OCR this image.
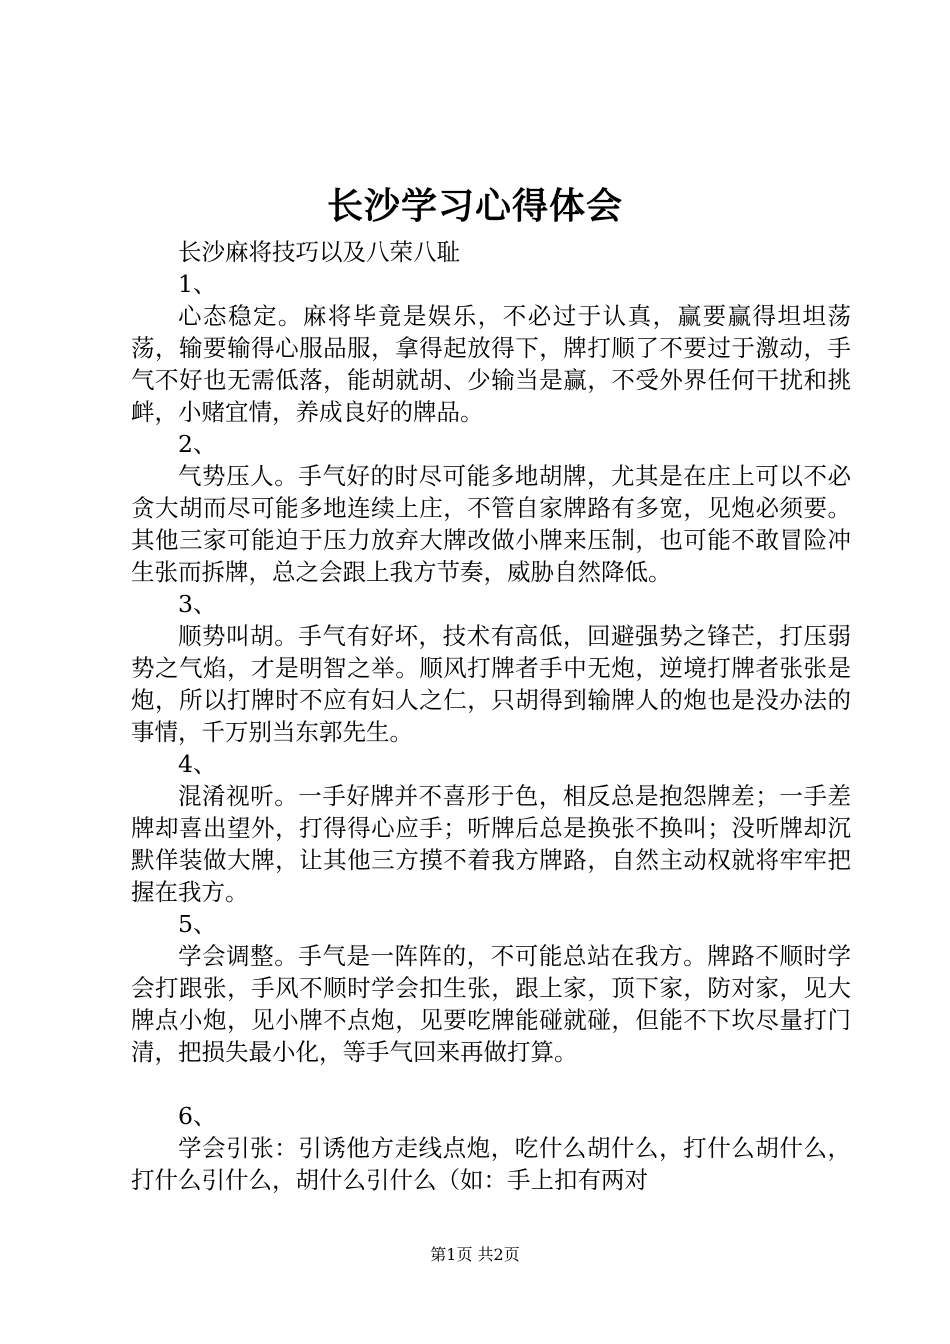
长沙学习心得体会

长沙麻将技巧以及八荣八耻

1、

心态稳定。麻将毕竟是娱乐，不必过于认真，赢要赢得坦坦荡荡，输要输得心服品服，拿得起放得下，牌打顺了不要过于激动，手气不好也无需低落，能胡就胡、少输当是赢，不受外界任何干扰和挑衅，小赌宜情，养成良好的牌品。

2、

气势压人。手气好的时尽可能多地胡牌，尤其是在庄上可以不必贪大胡而尽可能多地连续上庄，不管自家牌路有多宽，见炮必须要。其他三家可能迫于压力放弃大牌改做小牌来压制，也可能不敢冒险冲生张而拆牌，总之会跟上我方节奏，威胁自然降低。

3、

顺势叫胡。手气有好坏，技术有高低，回避强势之锋芒，打压弱势之气焰，才是明智之举。顺风打牌者手中无炮，逆境打牌者张张是炮，所以打牌时不应有妇人之仁，只胡得到输牌人的炮也是没办法的事情，千万别当东郭先生。

4、

混淆视听。一手好牌并不喜形于色，相反总是抱怨牌差；一手差牌却喜出望外，打得得心应手；听牌后总是换张不换叫；没听牌却沉默佯装做大牌，让其他三方摸不着我方牌路，自然主动权就将牢牢把握在我方。

5、

学会调整。手气是一阵阵的，不可能总站在我方。牌路不顺时学会打跟张，手风不顺时学会扣生张，跟上家，顶下家，防对家，见大牌点小炮，见小牌不点炮，见要吃牌能碰就碰，但能不下坎尽量打门清，把损失最小化，等手气回来再做打算。

6、

学会引张：引诱他方走线点炮，吃什么胡什么，打什么胡什么，打什么引什么，胡什么引什么（如：手上扣有两对

第1页 共2页
